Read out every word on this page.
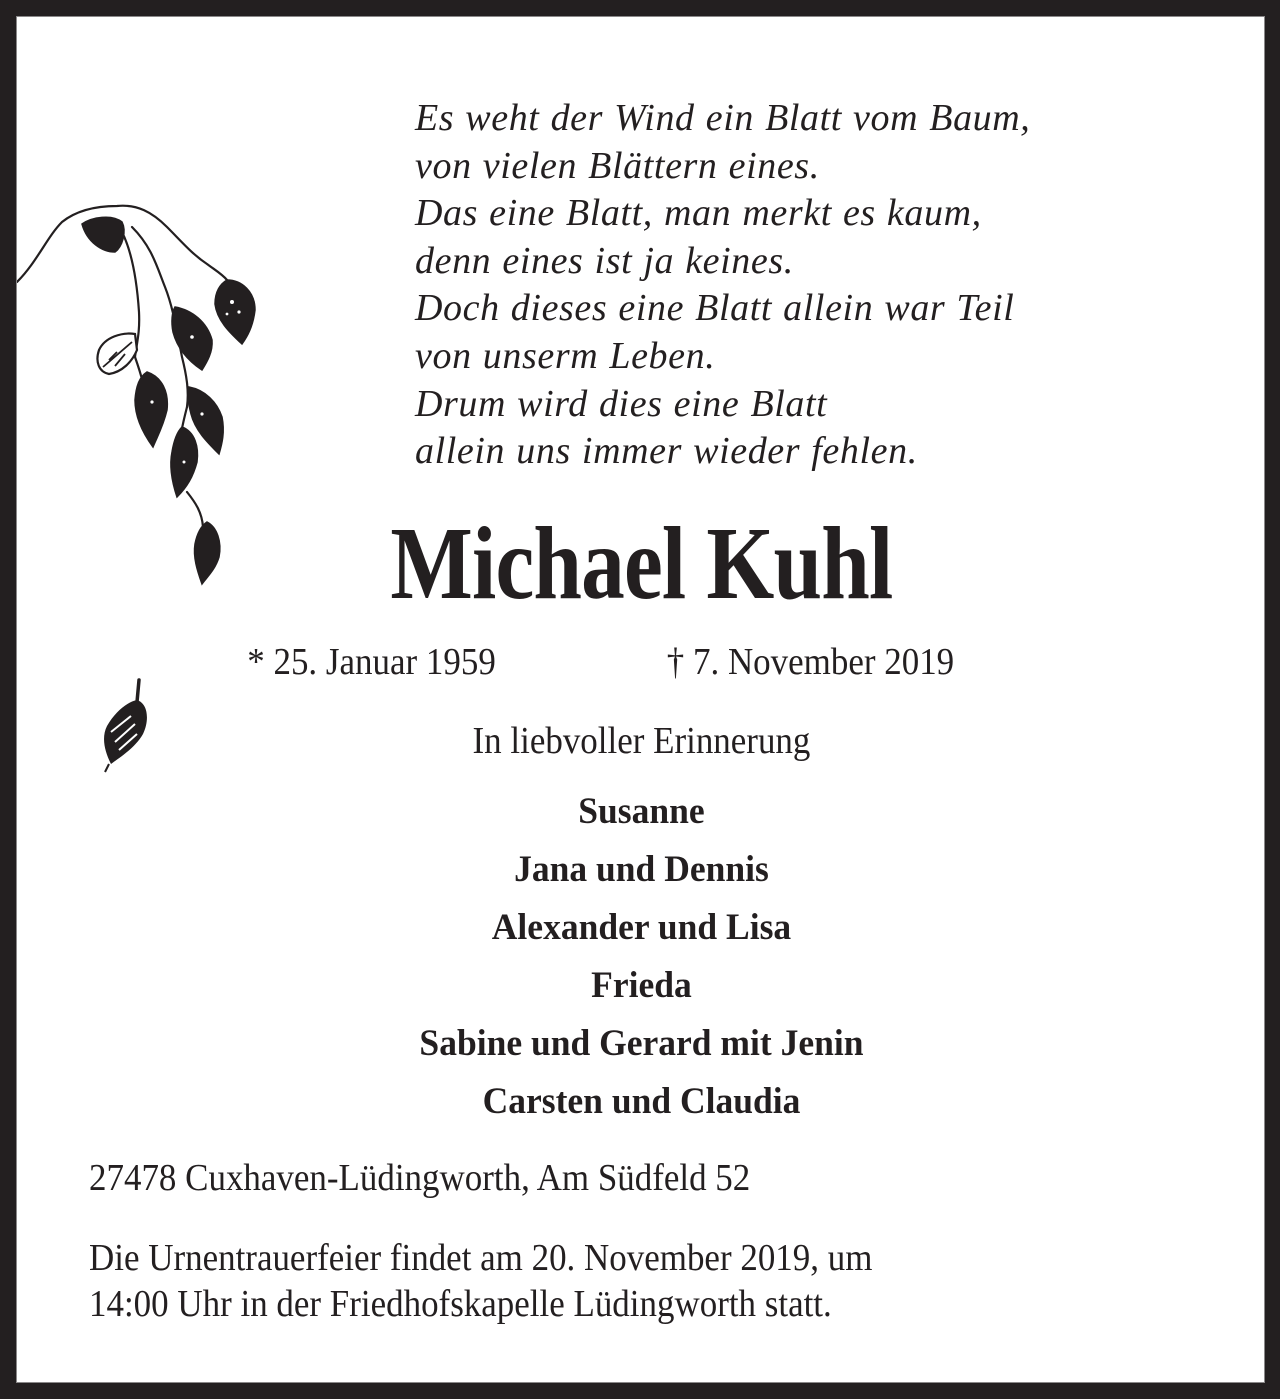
Es weht der Wind ein Blatt vom Baum,
von vielen Blättern eines.
Das eine Blatt, man merkt es kaum,
denn eines ist ja keines.
Doch dieses eine Blatt allein war Teil
von unserm Leben.
Drum wird dies eine Blatt
allein uns immer wieder fehlen.
Michael Kuhl
* 25. Januar 1959	† 7. November 2019
In liebvoller Erinnerung
Susanne
Jana und Dennis
Alexander und Lisa
Frieda
Sabine und Gerard mit Jenin
Carsten und Claudia
27478 Cuxhaven-Lüdingworth, Am Südfeld 52
Die Urnentrauerfeier findet am 20. November 2019, um
14:00 Uhr in der Friedhofskapelle Lüdingworth statt.
